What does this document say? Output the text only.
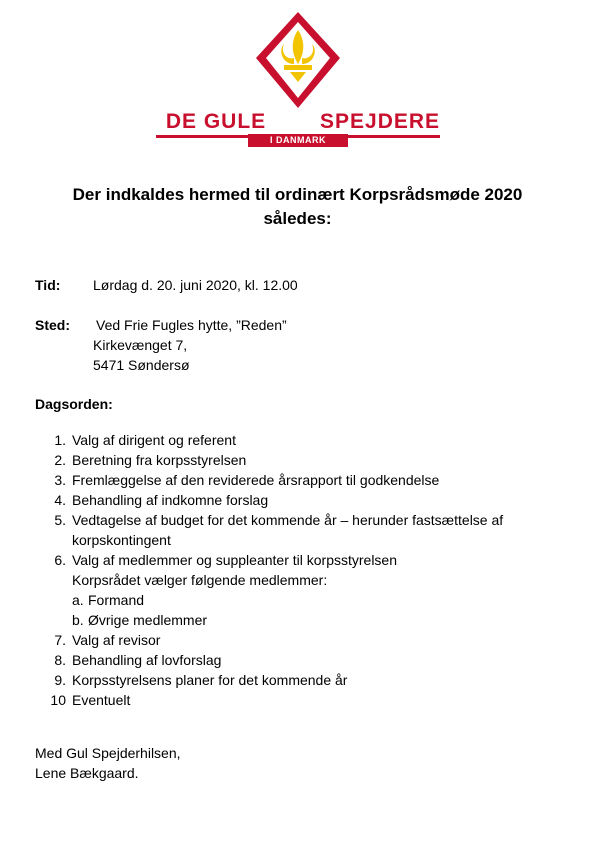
DE GULE	SPEJDERE
I DANMARK
Der indkaldes hermed til ordinært Korpsrådsmøde 2020
således:
Tid: Lørdag d. 20. juni 2020, kl. 12.00
Sted: Ved Frie Fugles hytte, ”Reden”
Kirkevænget 7,
5471 Søndersø
Dagsorden:
1. Valg af dirigent og referent
2. Beretning fra korpsstyrelsen
3. Fremlæggelse af den reviderede årsrapport til godkendelse
4. Behandling af indkomne forslag
5. Vedtagelse af budget for det kommende år – herunder fastsættelse af korpskontingent
6. Valg af medlemmer og suppleanter til korpsstyrelsen
Korpsrådet vælger følgende medlemmer:
a. Formand
b. Øvrige medlemmer
7. Valg af revisor
8. Behandling af lovforslag
9. Korpsstyrelsens planer for det kommende år
10 Eventuelt
Med Gul Spejderhilsen,
Lene Bækgaard.
